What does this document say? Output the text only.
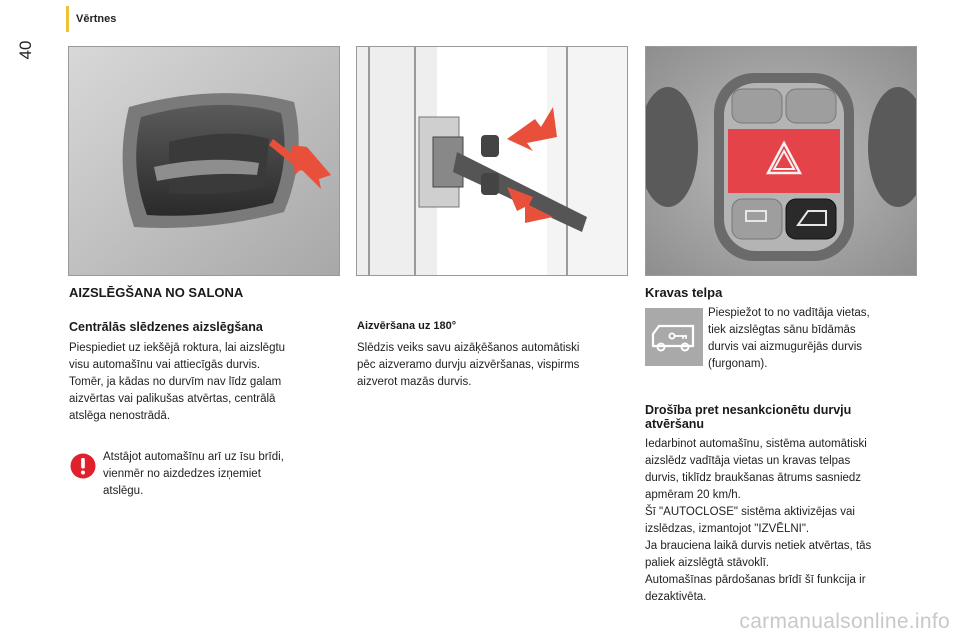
40
Vērtnes
AIZSLĒGŠANA NO SALONA
Centrālās slēdzenes aizslēgšana
Piespiediet uz iekšējā roktura, lai aizslēgtu
visu automašīnu vai attiecīgās durvis.
Tomēr, ja kādas no durvīm nav līdz galam
aizvērtas vai palikušas atvērtas, centrālā
atslēga nenostrādā.
Atstājot automašīnu arī uz īsu brīdi,
vienmēr no aizdedzes izņemiet
atslēgu.
Aizvēršana uz 180°
Slēdzis veiks savu aizāķēšanos automātiski
pēc aizveramo durvju aizvēršanas, vispirms
aizverot mazās durvis.
Kravas telpa
Piespiežot to no vadītāja vietas,
tiek aizslēgtas sānu bīdāmās
durvis vai aizmugurējās durvis
(furgonam).
Drošība pret nesankcionētu durvju
atvēršanu
Iedarbinot automašīnu, sistēma automātiski
aizslēdz vadītāja vietas un kravas telpas
durvis, tiklīdz braukšanas ātrums sasniedz
apmēram 20 km/h.
Šī "AUTOCLOSE" sistēma aktivizējas vai
izslēdzas, izmantojot "IZVĒLNI".
Ja brauciena laikā durvis netiek atvērtas, tās
paliek aizslēgtā stāvoklī.
Automašīnas pārdošanas brīdī šī funkcija ir
dezaktivēta.
carmanualsonline.info
